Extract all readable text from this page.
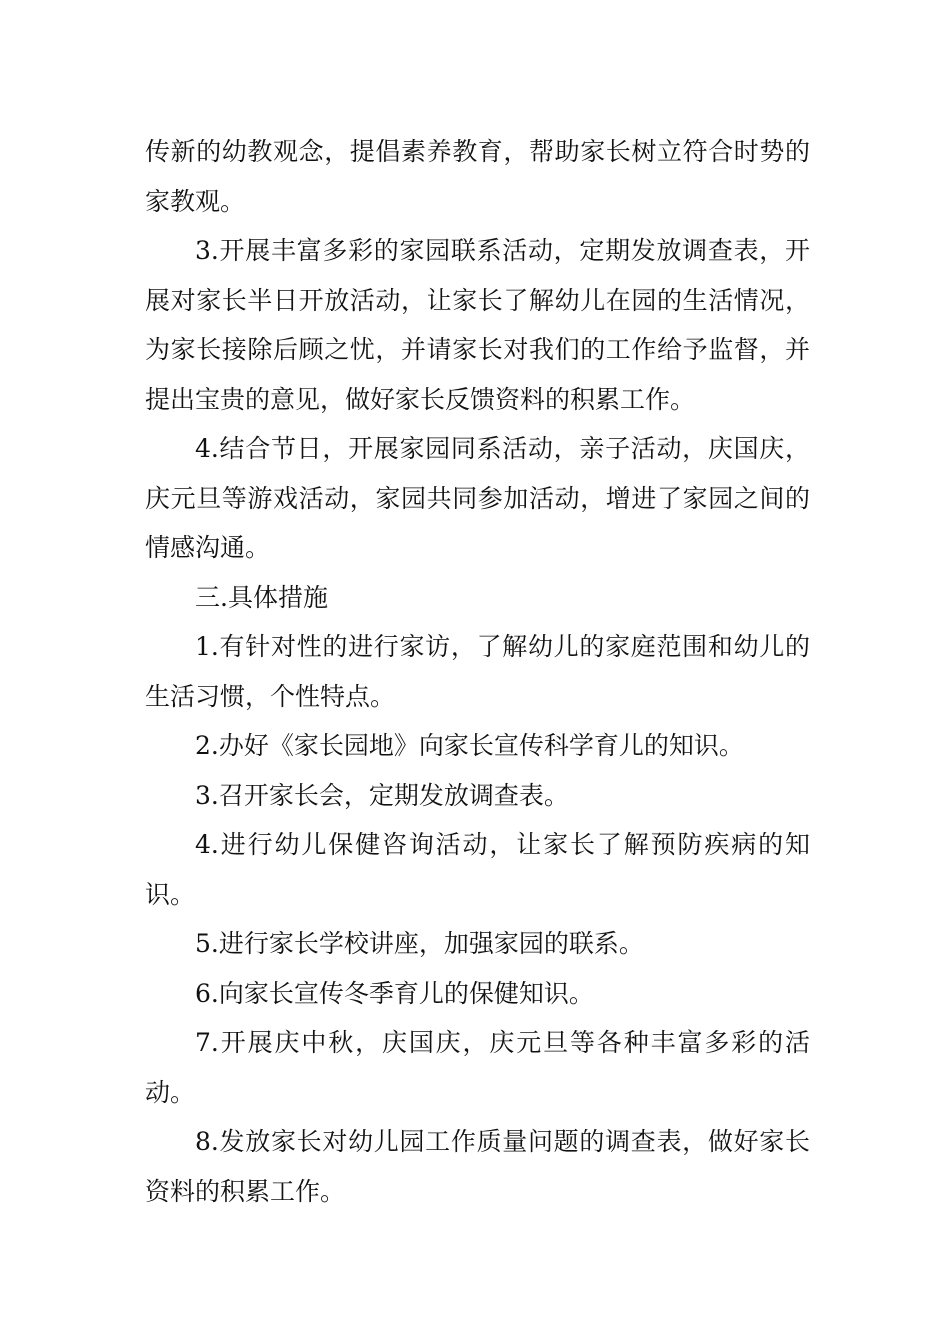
传新的幼教观念，提倡素养教育，帮助家长树立符合时势的家教观。

3.开展丰富多彩的家园联系活动，定期发放调查表，开展对家长半日开放活动，让家长了解幼儿在园的生活情况，为家长接除后顾之忧，并请家长对我们的工作给予监督，并提出宝贵的意见，做好家长反馈资料的积累工作。

4.结合节日，开展家园同系活动，亲子活动，庆国庆，庆元旦等游戏活动，家园共同参加活动，增进了家园之间的情感沟通。

三.具体措施

1.有针对性的进行家访，了解幼儿的家庭范围和幼儿的生活习惯，个性特点。

2.办好《家长园地》向家长宣传科学育儿的知识。

3.召开家长会，定期发放调查表。

4.进行幼儿保健咨询活动，让家长了解预防疾病的知识。

5.进行家长学校讲座，加强家园的联系。

6.向家长宣传冬季育儿的保健知识。

7.开展庆中秋，庆国庆，庆元旦等各种丰富多彩的活动。

8.发放家长对幼儿园工作质量问题的调查表，做好家长资料的积累工作。
